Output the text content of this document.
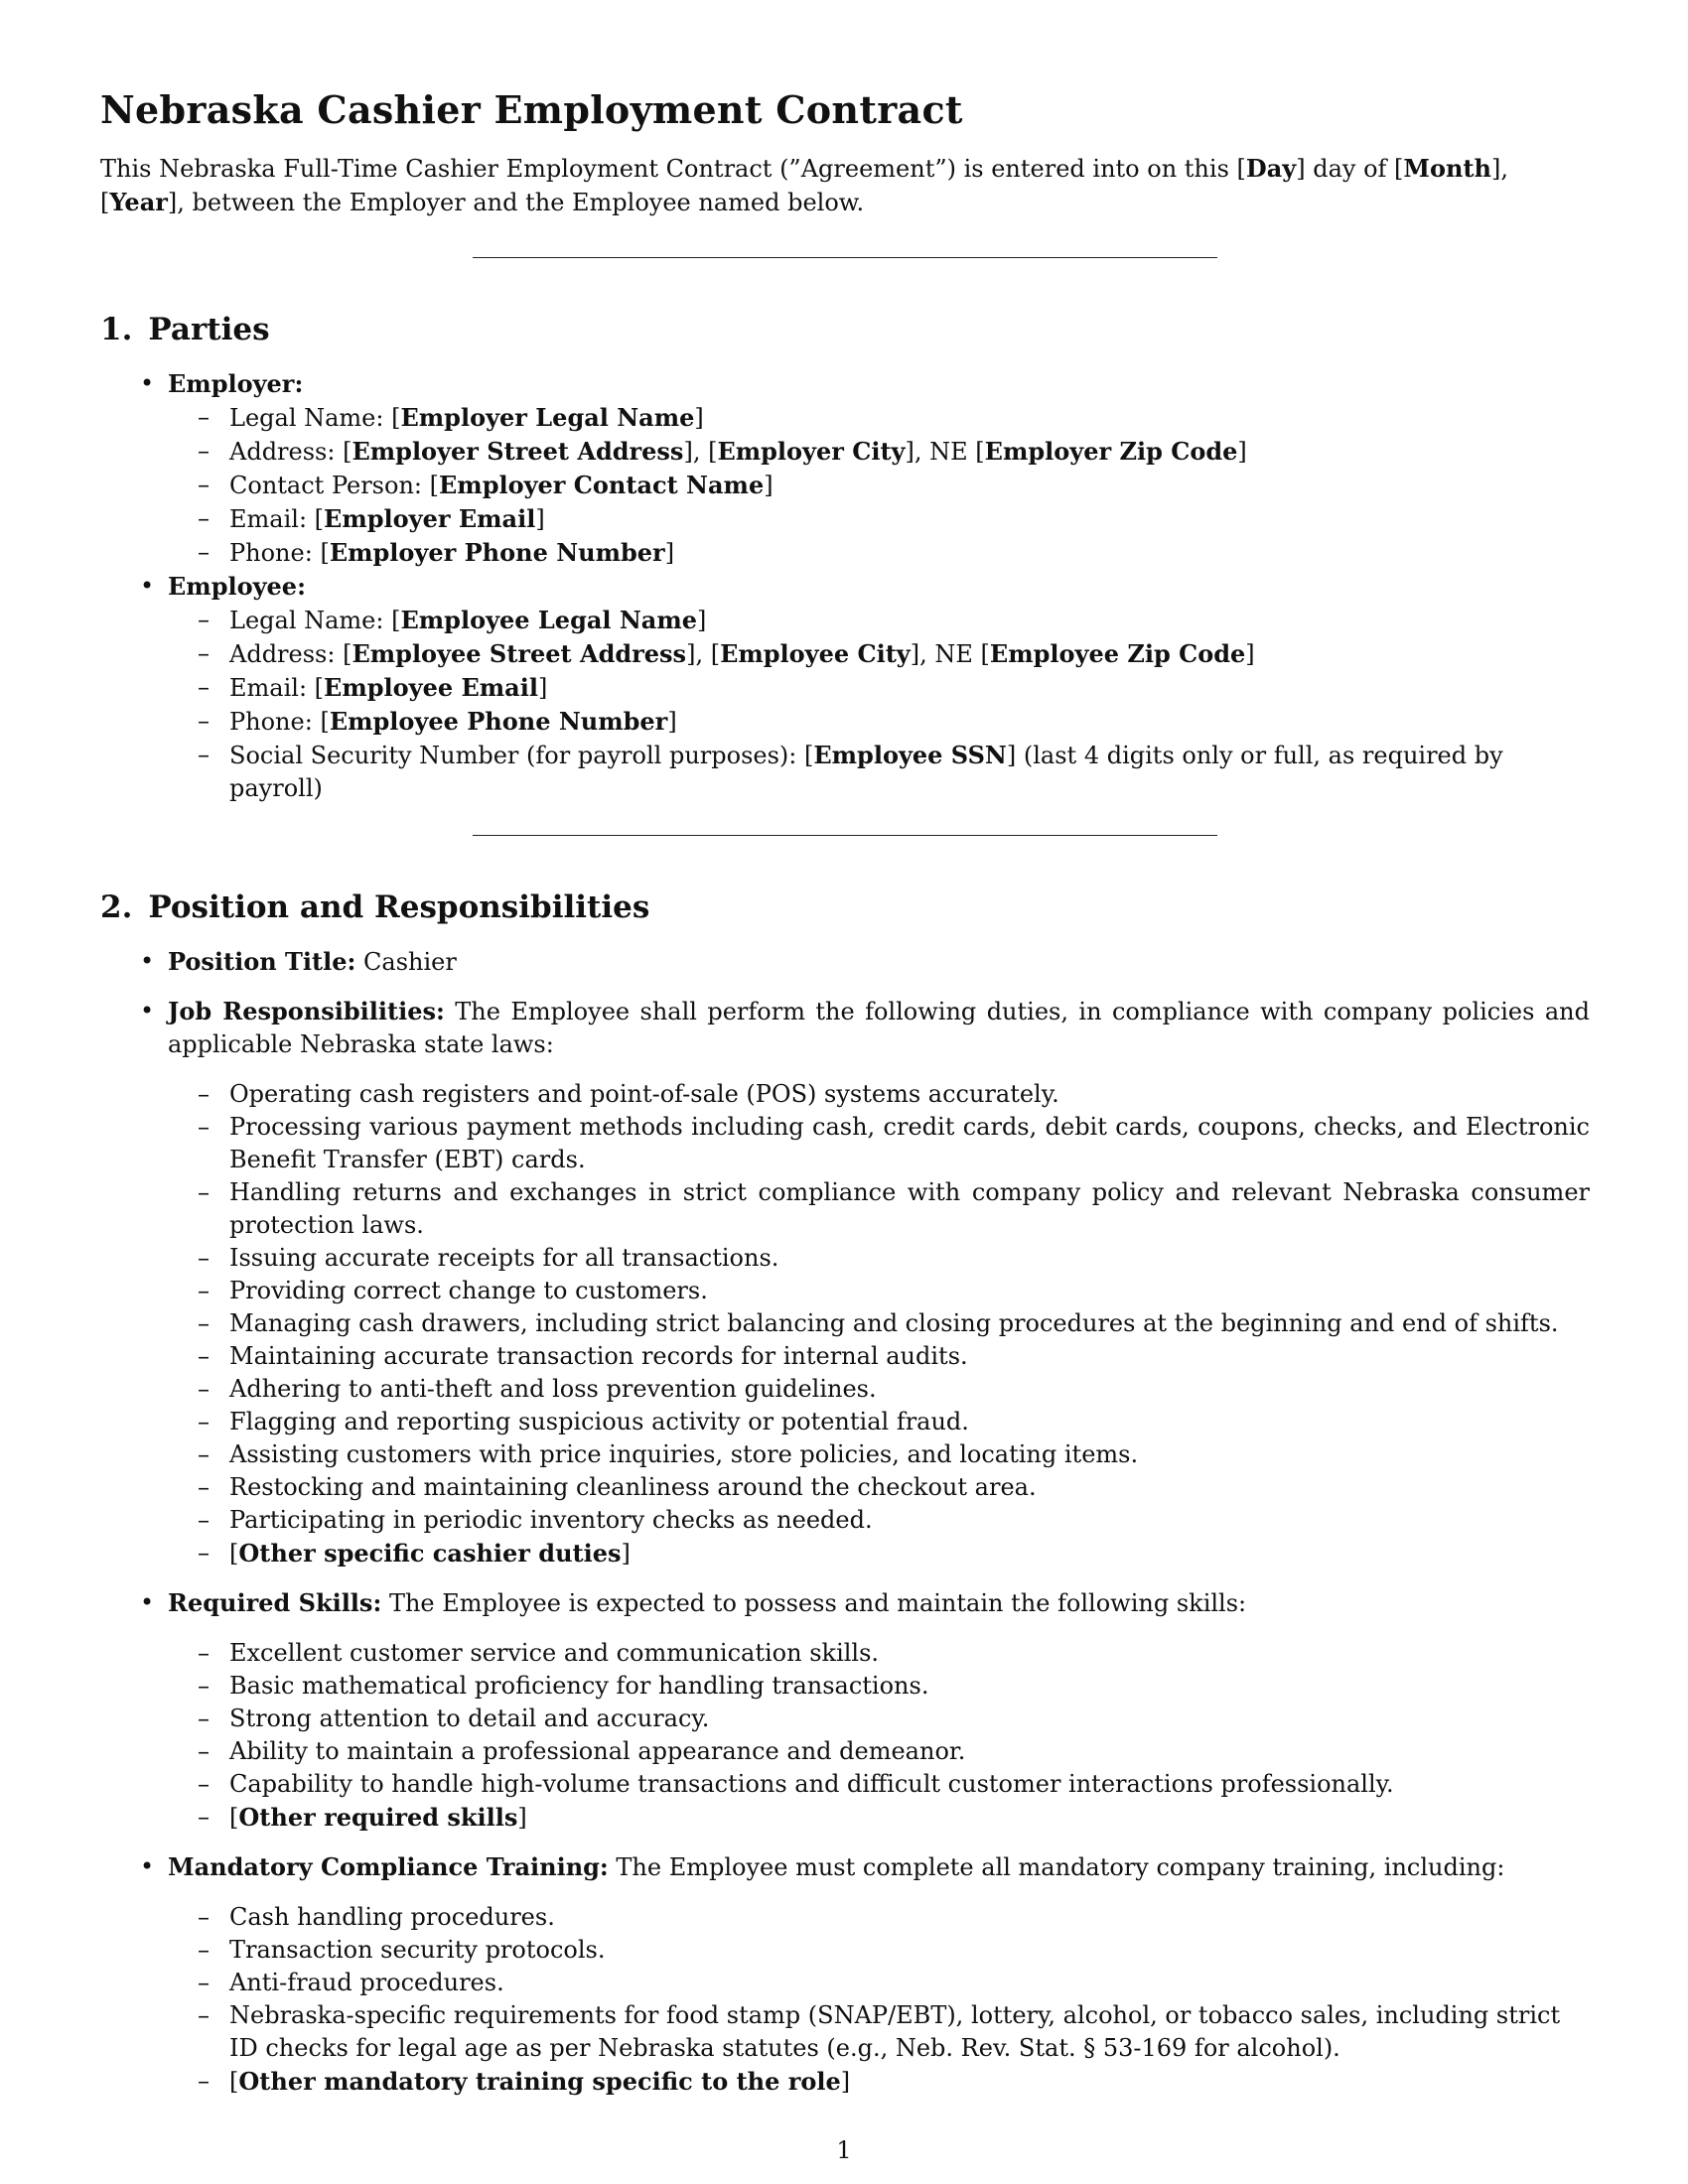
Nebraska Cashier Employment Contract

This Nebraska Full-Time Cashier Employment Contract (”Agreement”) is entered into on this [Day] day of [Month], [Year], between the Employer and the Employee named below.

1. Parties
• Employer:
– Legal Name: [Employer Legal Name]
– Address: [Employer Street Address], [Employer City], NE [Employer Zip Code]
– Contact Person: [Employer Contact Name]
– Email: [Employer Email]
– Phone: [Employer Phone Number]
• Employee:
– Legal Name: [Employee Legal Name]
– Address: [Employee Street Address], [Employee City], NE [Employee Zip Code]
– Email: [Employee Email]
– Phone: [Employee Phone Number]
– Social Security Number (for payroll purposes): [Employee SSN] (last 4 digits only or full, as required by payroll)
2. Position and Responsibilities
• Position Title: Cashier
• Job Responsibilities: The Employee shall perform the following duties, in compliance with company policies and applicable Nebraska state laws:
– Operating cash registers and point-of-sale (POS) systems accurately.
– Processing various payment methods including cash, credit cards, debit cards, coupons, checks, and Electronic Benefit Transfer (EBT) cards.
– Handling returns and exchanges in strict compliance with company policy and relevant Nebraska consumer protection laws.
– Issuing accurate receipts for all transactions.
– Providing correct change to customers.
– Managing cash drawers, including strict balancing and closing procedures at the beginning and end of shifts.
– Maintaining accurate transaction records for internal audits.
– Adhering to anti-theft and loss prevention guidelines.
– Flagging and reporting suspicious activity or potential fraud.
– Assisting customers with price inquiries, store policies, and locating items.
– Restocking and maintaining cleanliness around the checkout area.
– Participating in periodic inventory checks as needed.
– [Other specific cashier duties]
• Required Skills: The Employee is expected to possess and maintain the following skills:
– Excellent customer service and communication skills.
– Basic mathematical proficiency for handling transactions.
– Strong attention to detail and accuracy.
– Ability to maintain a professional appearance and demeanor.
– Capability to handle high-volume transactions and difficult customer interactions professionally.
– [Other required skills]
• Mandatory Compliance Training: The Employee must complete all mandatory company training, including:
– Cash handling procedures.
– Transaction security protocols.
– Anti-fraud procedures.
– Nebraska-specific requirements for food stamp (SNAP/EBT), lottery, alcohol, or tobacco sales, including strict ID checks for legal age as per Nebraska statutes (e.g., Neb. Rev. Stat. § 53-169 for alcohol).
– [Other mandatory training specific to the role]
1
